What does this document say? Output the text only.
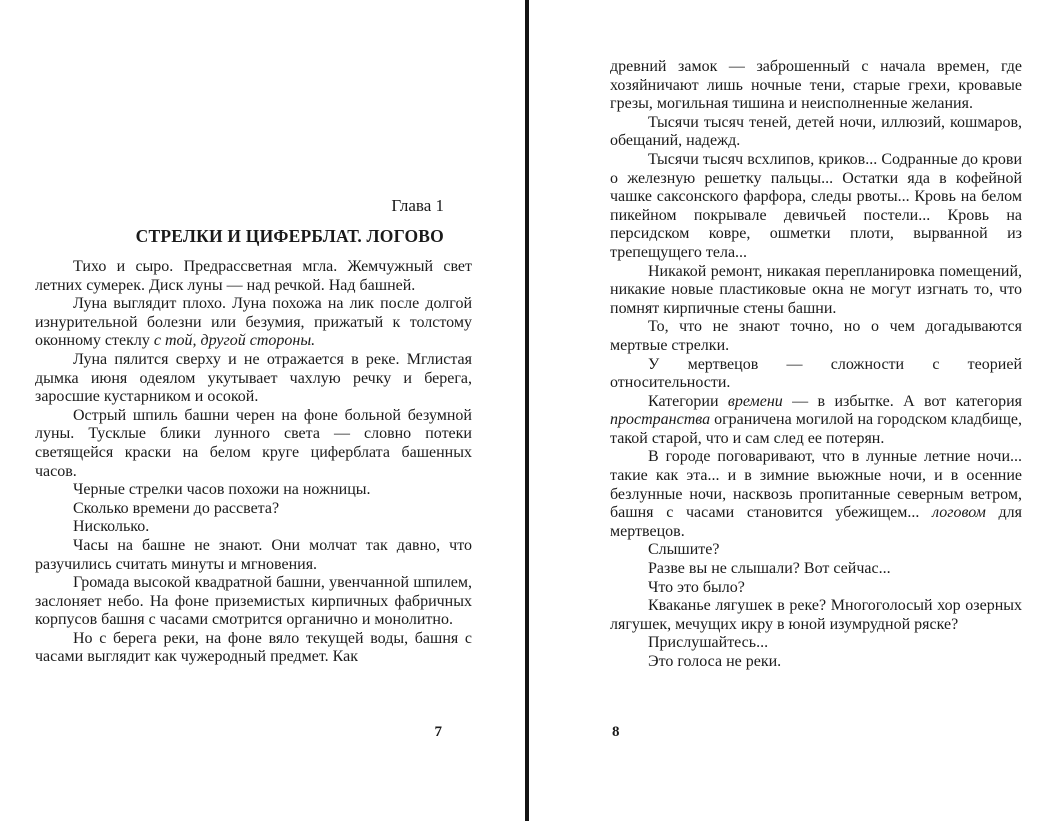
Глава 1
СТРЕЛКИ И ЦИФЕРБЛАТ. ЛОГОВО

Тихо и сыро. Предрассветная мгла. Жемчужный свет летних сумерек. Диск луны — над речкой. Над башней.

Луна выглядит плохо. Луна похожа на лик после долгой изнурительной болезни или безумия, прижатый к толстому оконному стеклу с той, другой стороны.

Луна пялится сверху и не отражается в реке. Мглистая дымка июня одеялом укутывает чахлую речку и берега, заросшие кустарником и осокой.

Острый шпиль башни черен на фоне больной безумной луны. Тусклые блики лунного света — словно потеки светящейся краски на белом круге циферблата башенных часов.

Черные стрелки часов похожи на ножницы.

Сколько времени до рассвета?

Нисколько.

Часы на башне не знают. Они молчат так давно, что разучились считать минуты и мгновения.

Громада высокой квадратной башни, увенчанной шпилем, заслоняет небо. На фоне приземистых кирпичных фабричных корпусов башня с часами смотрится органично и монолитно.

Но с берега реки, на фоне вяло текущей воды, башня с часами выглядит как чужеродный предмет. Как

7

древний замок — заброшенный с начала времен, где хозяйничают лишь ночные тени, старые грехи, кровавые грезы, могильная тишина и неисполненные желания.

Тысячи тысяч теней, детей ночи, иллюзий, кошмаров, обещаний, надежд.

Тысячи тысяч всхлипов, криков... Содранные до крови о железную решетку пальцы... Остатки яда в кофейной чашке саксонского фарфора, следы рвоты... Кровь на белом пикейном покрывале девичьей постели... Кровь на персидском ковре, ошметки плоти, вырванной из трепещущего тела...

Никакой ремонт, никакая перепланировка помещений, никакие новые пластиковые окна не могут изгнать то, что помнят кирпичные стены башни.

То, что не знают точно, но о чем догадываются мертвые стрелки.

У мертвецов — сложности с теорией относительности.

Категории времени — в избытке. А вот категория пространства ограничена могилой на городском кладбище, такой старой, что и сам след ее потерян.

В городе поговаривают, что в лунные летние ночи... такие как эта... и в зимние вьюжные ночи, и в осенние безлунные ночи, насквозь пропитанные северным ветром, башня с часами становится убежищем... логовом для мертвецов.

Слышите?

Разве вы не слышали? Вот сейчас...

Что это было?

Кваканье лягушек в реке? Многоголосый хор озерных лягушек, мечущих икру в юной изумрудной ряске?

Прислушайтесь...

Это голоса не реки.

8
